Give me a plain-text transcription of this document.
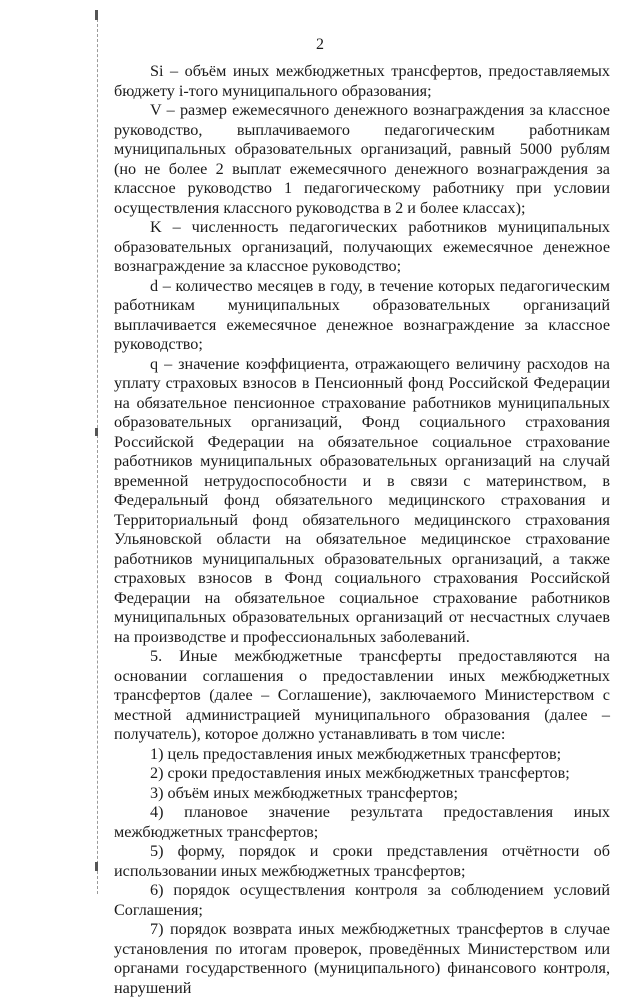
2

Si – объём иных межбюджетных трансфертов, предоставляемых бюджету i-того муниципального образования;

V – размер ежемесячного денежного вознаграждения за классное руководство, выплачиваемого педагогическим работникам муниципальных образовательных организаций, равный 5000 рублям (но не более 2 выплат ежемесячного денежного вознаграждения за классное руководство 1 педагогическому работнику при условии осуществления классного руководства в 2 и более классах);

K – численность педагогических работников муниципальных образовательных организаций, получающих ежемесячное денежное вознаграждение за классное руководство;

d – количество месяцев в году, в течение которых педагогическим работникам муниципальных образовательных организаций выплачивается ежемесячное денежное вознаграждение за классное руководство;

q – значение коэффициента, отражающего величину расходов на уплату страховых взносов в Пенсионный фонд Российской Федерации на обязательное пенсионное страхование работников муниципальных образовательных организаций, Фонд социального страхования Российской Федерации на обязательное социальное страхование работников муниципальных образовательных организаций на случай временной нетрудоспособности и в связи с материнством, в Федеральный фонд обязательного медицинского страхования и Территориальный фонд обязательного медицинского страхования Ульяновской области на обязательное медицинское страхование работников муниципальных образовательных организаций, а также страховых взносов в Фонд социального страхования Российской Федерации на обязательное социальное страхование работников муниципальных образовательных организаций от несчастных случаев на производстве и профессиональных заболеваний.

5. Иные межбюджетные трансферты предоставляются на основании соглашения о предоставлении иных межбюджетных трансфертов (далее – Соглашение), заключаемого Министерством с местной администрацией муниципального образования (далее – получатель), которое должно устанавливать в том числе:

1) цель предоставления иных межбюджетных трансфертов;

2) сроки предоставления иных межбюджетных трансфертов;

3) объём иных межбюджетных трансфертов;

4) плановое значение результата предоставления иных межбюджетных трансфертов;

5) форму, порядок и сроки представления отчётности об использовании иных межбюджетных трансфертов;

6) порядок осуществления контроля за соблюдением условий Соглашения;

7) порядок возврата иных межбюджетных трансфертов в случае установления по итогам проверок, проведённых Министерством или органами государственного (муниципального) финансового контроля, нарушений
